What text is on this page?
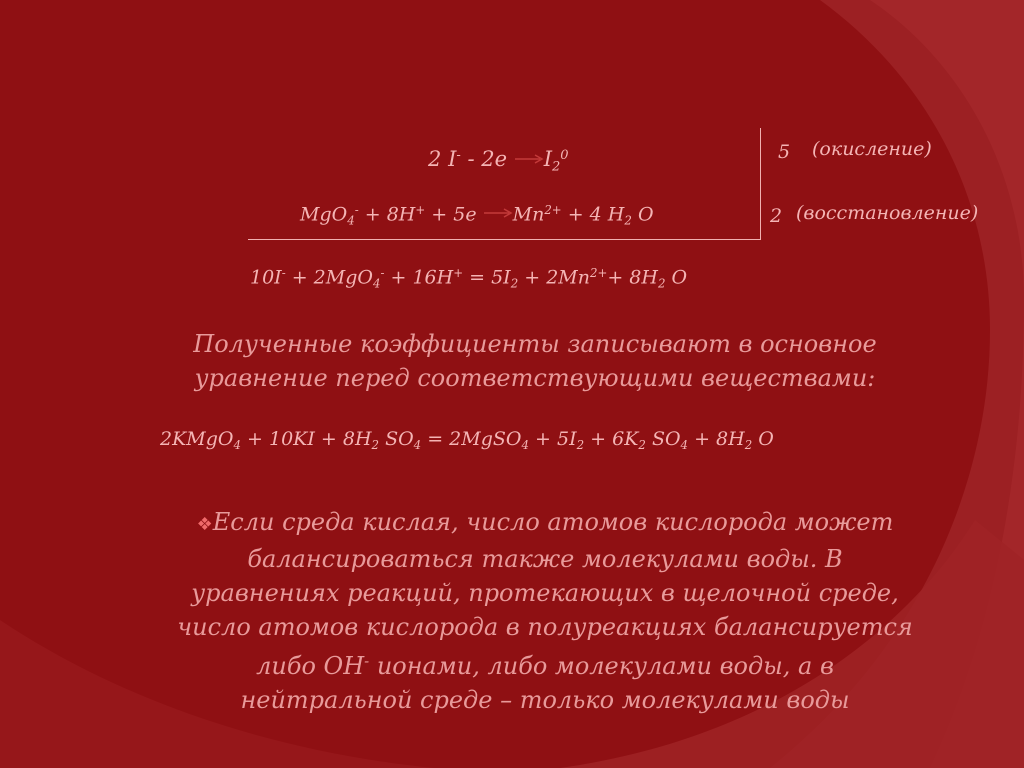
2 $I^- - 2e \to I_2^0$	5 (окисление)
$MgO_4^- + 8H^+ + 5e \to Mn^{2+} + 4$ $H_2$ O	2 (восстановление)
$10I^- + 2MgO_4^- + 16H^+ = 5I_2 + 2Mn^{2+}+ 8H_2$ O
Полученные коэффициенты записывают в основное
уравнение перед соответствующими веществами:
2KMgO$_4$ + $10KI + 8H_2$ $SO_4$ = 2MgSO$_4$ + $5I_2 + 6K_2$ $SO_4 + 8H_2$ O
❖Если среда кислая, число атомов кислорода может
балансироваться также молекулами воды. В
уравнениях реакций, протекающих в щелочной среде,
число атомов кислорода в полуреакциях балансируется
либо OH- ионами, либо молекулами воды, а в
нейтральной среде – только молекулами воды
